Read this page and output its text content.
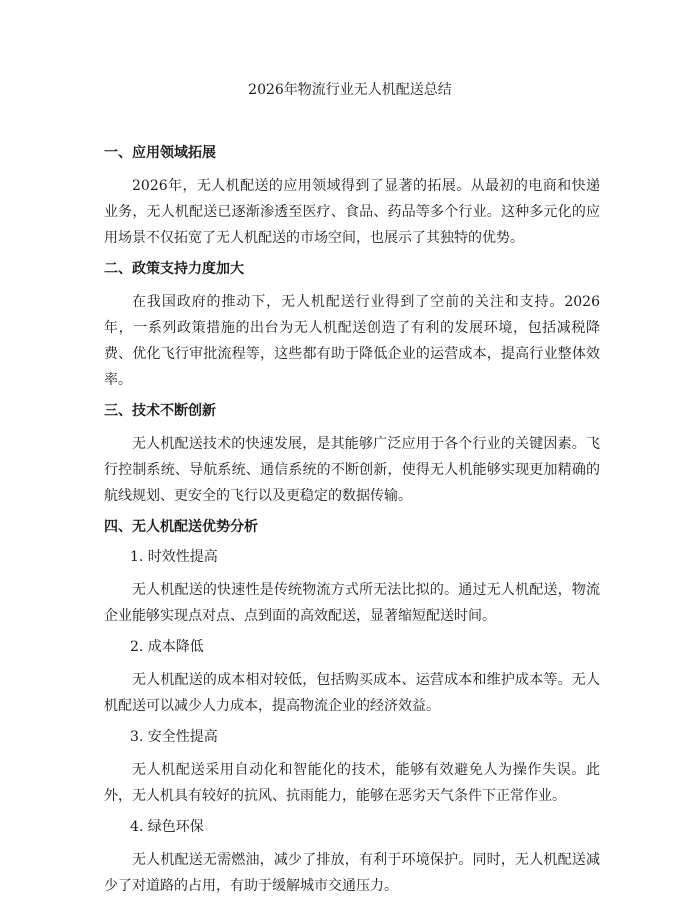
2026年物流行业无人机配送总结
一、应用领域拓展

2026年，无人机配送的应用领域得到了显著的拓展。从最初的电商和快递业务，无人机配送已逐渐渗透至医疗、食品、药品等多个行业。这种多元化的应用场景不仅拓宽了无人机配送的市场空间，也展示了其独特的优势。

二、政策支持力度加大

在我国政府的推动下，无人机配送行业得到了空前的关注和支持。2026年，一系列政策措施的出台为无人机配送创造了有利的发展环境，包括减税降费、优化飞行审批流程等，这些都有助于降低企业的运营成本，提高行业整体效率。

三、技术不断创新

无人机配送技术的快速发展，是其能够广泛应用于各个行业的关键因素。飞行控制系统、导航系统、通信系统的不断创新，使得无人机能够实现更加精确的航线规划、更安全的飞行以及更稳定的数据传输。

四、无人机配送优势分析
1. 时效性提高

无人机配送的快速性是传统物流方式所无法比拟的。通过无人机配送，物流企业能够实现点对点、点到面的高效配送，显著缩短配送时间。

2. 成本降低

无人机配送的成本相对较低，包括购买成本、运营成本和维护成本等。无人机配送可以减少人力成本，提高物流企业的经济效益。

3. 安全性提高

无人机配送采用自动化和智能化的技术，能够有效避免人为操作失误。此外，无人机具有较好的抗风、抗雨能力，能够在恶劣天气条件下正常作业。

4. 绿色环保

无人机配送无需燃油，减少了排放，有利于环境保护。同时，无人机配送减少了对道路的占用，有助于缓解城市交通压力。
